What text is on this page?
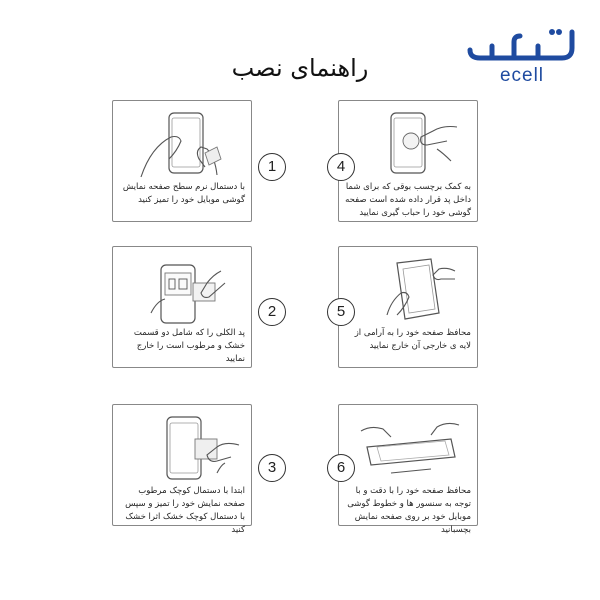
ecell
راهنمای نصب
با دستمال نرم سطح صفحه نمایش گوشی موبایل خود را تمیز کنید
1
پد الکلی را که شامل دو قسمت خشک و مرطوب است را خارج نمایید
2
ابتدا با دستمال کوچک مرطوب صفحه نمایش خود را تمیز و سپس با دستمال کوچک خشک اثرا خشک کنید
3
به کمک برچسب بوقی که برای شما داخل پد قرار داده شده است صفحه گوشی خود را حباب گیری نمایید
4
محافظ صفحه خود را به آرامی از لایه ی خارجی آن خارج نمایید
5
محافظ صفحه خود را با دقت و با توجه به سنسور ها و خطوط گوشی موبایل خود بر روی صفحه نمایش بچسبانید
6
